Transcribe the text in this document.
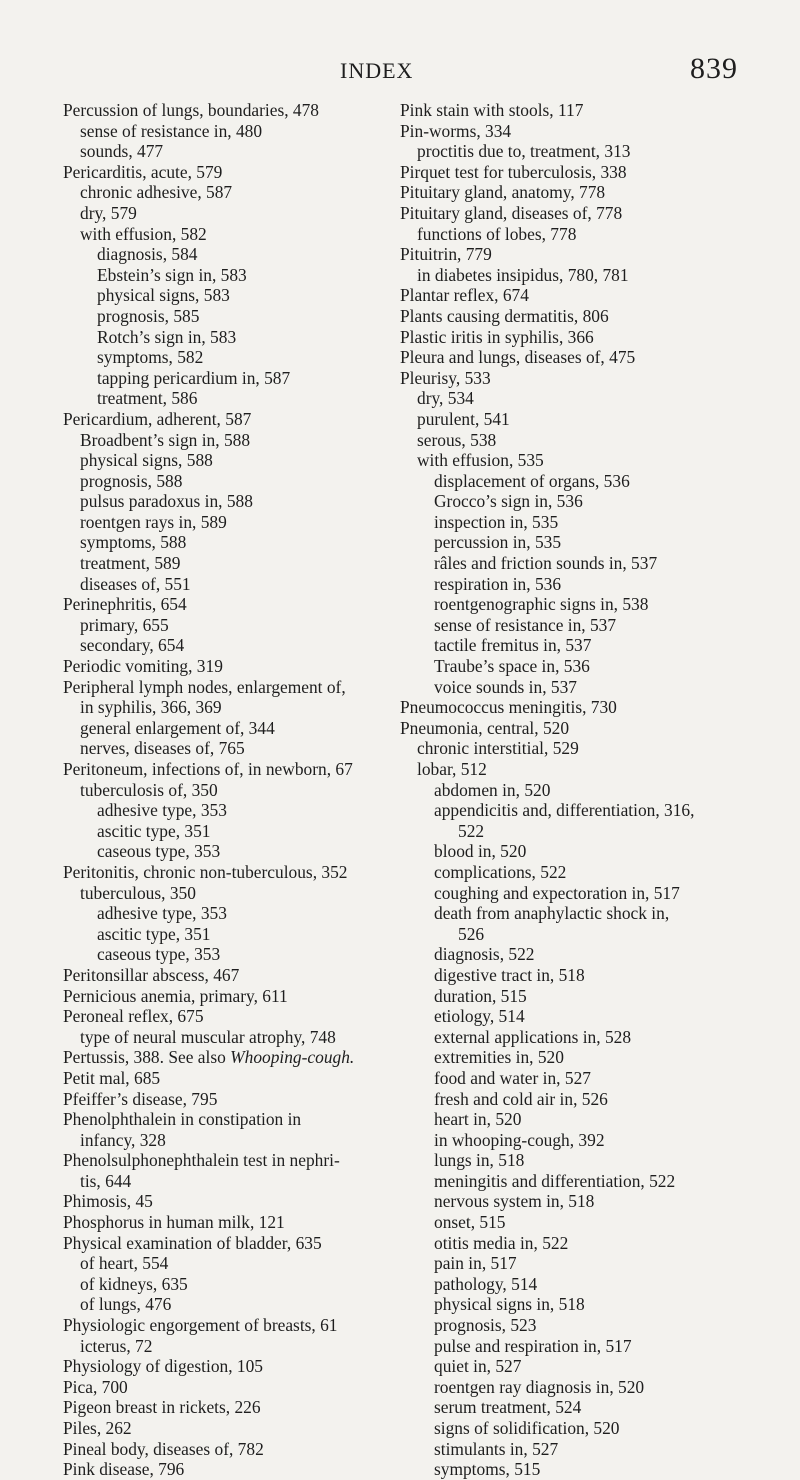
INDEX	839
Percussion of lungs, boundaries, 478
sense of resistance in, 480
sounds, 477
Pericarditis, acute, 579
chronic adhesive, 587
dry, 579
with effusion, 582
diagnosis, 584
Ebstein’s sign in, 583
physical signs, 583
prognosis, 585
Rotch’s sign in, 583
symptoms, 582
tapping pericardium in, 587
treatment, 586
Pericardium, adherent, 587
Broadbent’s sign in, 588
physical signs, 588
prognosis, 588
pulsus paradoxus in, 588
roentgen rays in, 589
symptoms, 588
treatment, 589
diseases of, 551
Perinephritis, 654
primary, 655
secondary, 654
Periodic vomiting, 319
Peripheral lymph nodes, enlargement of,
in syphilis, 366, 369
general enlargement of, 344
nerves, diseases of, 765
Peritoneum, infections of, in newborn, 67
tuberculosis of, 350
adhesive type, 353
ascitic type, 351
caseous type, 353
Peritonitis, chronic non-tuberculous, 352
tuberculous, 350
adhesive type, 353
ascitic type, 351
caseous type, 353
Peritonsillar abscess, 467
Pernicious anemia, primary, 611
Peroneal reflex, 675
type of neural muscular atrophy, 748
Pertussis, 388. See also Whooping-cough.
Petit mal, 685
Pfeiffer’s disease, 795
Phenolphthalein in constipation in
infancy, 328
Phenolsulphonephthalein test in nephri-
tis, 644
Phimosis, 45
Phosphorus in human milk, 121
Physical examination of bladder, 635
of heart, 554
of kidneys, 635
of lungs, 476
Physiologic engorgement of breasts, 61
icterus, 72
Physiology of digestion, 105
Pica, 700
Pigeon breast in rickets, 226
Piles, 262
Pineal body, diseases of, 782
Pink disease, 796
Pink stain with stools, 117
Pin-worms, 334
proctitis due to, treatment, 313
Pirquet test for tuberculosis, 338
Pituitary gland, anatomy, 778
Pituitary gland, diseases of, 778
functions of lobes, 778
Pituitrin, 779
in diabetes insipidus, 780, 781
Plantar reflex, 674
Plants causing dermatitis, 806
Plastic iritis in syphilis, 366
Pleura and lungs, diseases of, 475
Pleurisy, 533
dry, 534
purulent, 541
serous, 538
with effusion, 535
displacement of organs, 536
Grocco’s sign in, 536
inspection in, 535
percussion in, 535
râles and friction sounds in, 537
respiration in, 536
roentgenographic signs in, 538
sense of resistance in, 537
tactile fremitus in, 537
Traube’s space in, 536
voice sounds in, 537
Pneumococcus meningitis, 730
Pneumonia, central, 520
chronic interstitial, 529
lobar, 512
abdomen in, 520
appendicitis and, differentiation, 316,
522
blood in, 520
complications, 522
coughing and expectoration in, 517
death from anaphylactic shock in,
526
diagnosis, 522
digestive tract in, 518
duration, 515
etiology, 514
external applications in, 528
extremities in, 520
food and water in, 527
fresh and cold air in, 526
heart in, 520
in whooping-cough, 392
lungs in, 518
meningitis and differentiation, 522
nervous system in, 518
onset, 515
otitis media in, 522
pain in, 517
pathology, 514
physical signs in, 518
prognosis, 523
pulse and respiration in, 517
quiet in, 527
roentgen ray diagnosis in, 520
serum treatment, 524
signs of solidification, 520
stimulants in, 527
symptoms, 515
